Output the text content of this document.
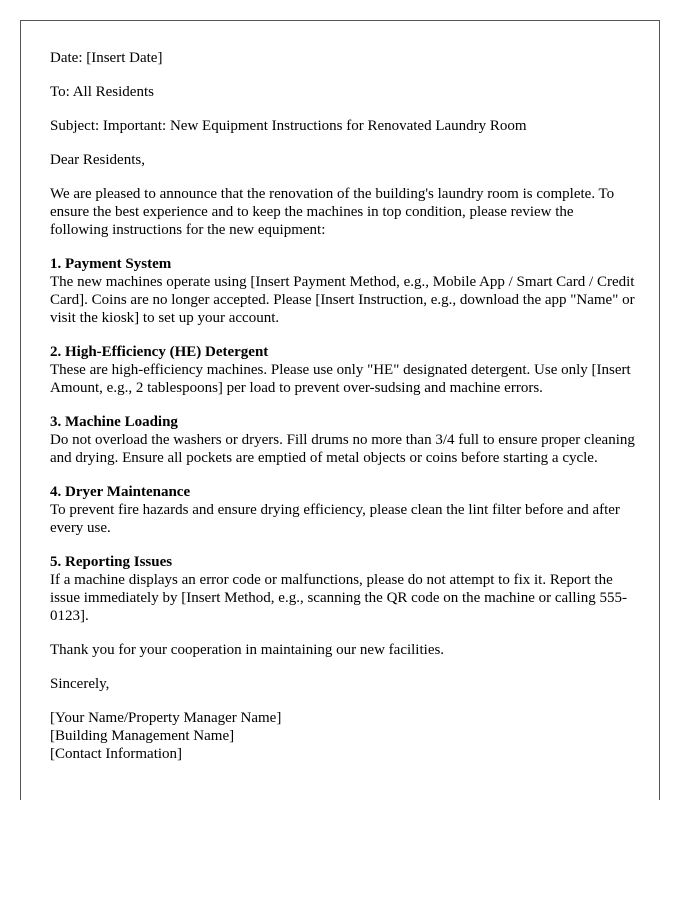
Date: [Insert Date]

To: All Residents

Subject: Important: New Equipment Instructions for Renovated Laundry Room

Dear Residents,

We are pleased to announce that the renovation of the building's laundry room is complete. To ensure the best experience and to keep the machines in top condition, please review the following instructions for the new equipment:

1. Payment System
The new machines operate using [Insert Payment Method, e.g., Mobile App / Smart Card / Credit Card]. Coins are no longer accepted. Please [Insert Instruction, e.g., download the app "Name" or visit the kiosk] to set up your account.
2. High-Efficiency (HE) Detergent
These are high-efficiency machines. Please use only "HE" designated detergent. Use only [Insert Amount, e.g., 2 tablespoons] per load to prevent over-sudsing and machine errors.
3. Machine Loading
Do not overload the washers or dryers. Fill drums no more than 3/4 full to ensure proper cleaning and drying. Ensure all pockets are emptied of metal objects or coins before starting a cycle.
4. Dryer Maintenance
To prevent fire hazards and ensure drying efficiency, please clean the lint filter before and after every use.
5. Reporting Issues
If a machine displays an error code or malfunctions, please do not attempt to fix it. Report the issue immediately by [Insert Method, e.g., scanning the QR code on the machine or calling 555-0123].

Thank you for your cooperation in maintaining our new facilities.

Sincerely,

[Your Name/Property Manager Name]
[Building Management Name]
[Contact Information]
